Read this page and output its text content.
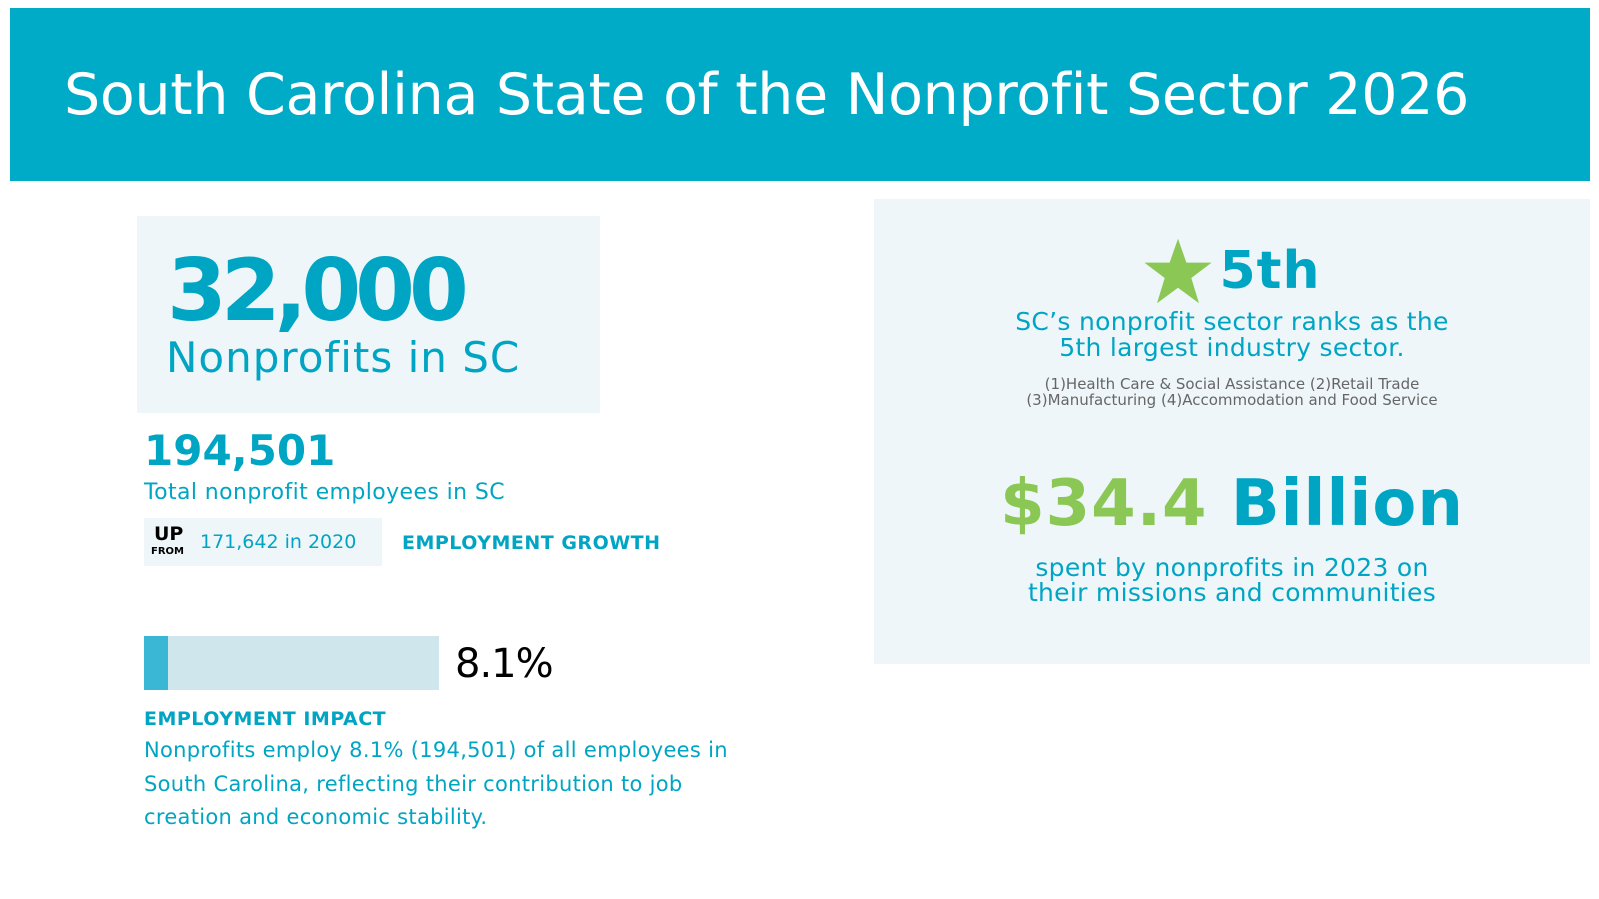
South Carolina State of the Nonprofit Sector 2026
32,000
Nonprofits in SC
194,501
Total nonprofit employees in SC
UP
FROM 171,642 in 2020 EMPLOYMENT GROWTH
8.1%
EMPLOYMENT IMPACT
Nonprofits employ 8.1% (194,501) of all employees in South Carolina, reflecting their contribution to job creation and economic stability.
5th
SC’s nonprofit sector ranks as the
5th largest industry sector.
(1)Health Care & Social Assistance (2)Retail Trade
(3)Manufacturing (4)Accommodation and Food Service
$34.4 Billion
spent by nonprofits in 2023 on
their missions and communities
